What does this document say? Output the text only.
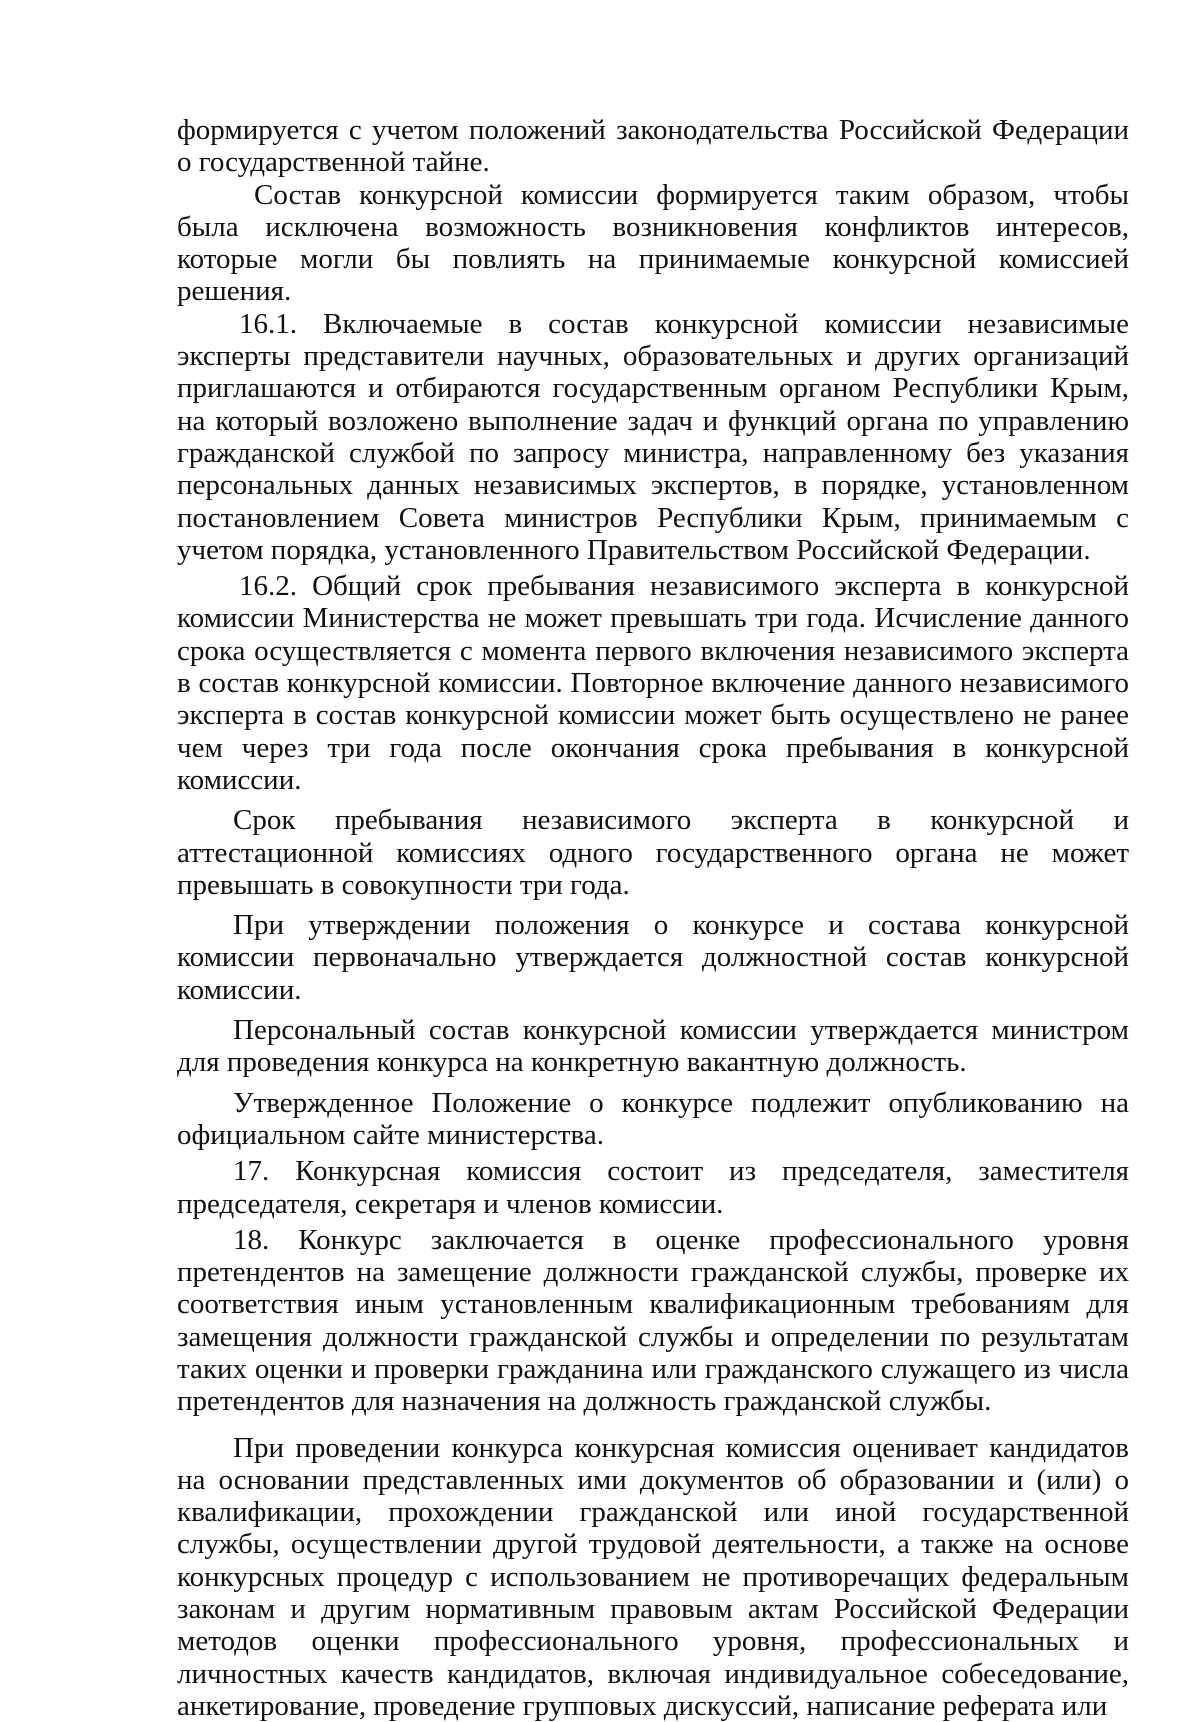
формируется с учетом положений законодательства Российской Федерации о государственной тайне.

Состав конкурсной комиссии формируется таким образом, чтобы была исключена возможность возникновения конфликтов интересов, которые могли бы повлиять на принимаемые конкурсной комиссией решения.

16.1. Включаемые в состав конкурсной комиссии независимые эксперты представители научных, образовательных и других организаций приглашаются и отбираются государственным органом Республики Крым, на который возложено выполнение задач и функций органа по управлению гражданской службой по запросу министра, направленному без указания персональных данных независимых экспертов, в порядке, установленном постановлением Совета министров Республики Крым, принимаемым с учетом порядка, установленного Правительством Российской Федерации.

16.2. Общий срок пребывания независимого эксперта в конкурсной комиссии Министерства не может превышать три года. Исчисление данного срока осуществляется с момента первого включения независимого эксперта в состав конкурсной комиссии. Повторное включение данного независимого эксперта в состав конкурсной комиссии может быть осуществлено не ранее чем через три года после окончания срока пребывания в конкурсной комиссии.

Срок пребывания независимого эксперта в конкурсной и аттестационной комиссиях одного государственного органа не может превышать в совокупности три года.

При утверждении положения о конкурсе и состава конкурсной комиссии первоначально утверждается должностной состав конкурсной комиссии.

Персональный состав конкурсной комиссии утверждается министром для проведения конкурса на конкретную вакантную должность.

Утвержденное Положение о конкурсе подлежит опубликованию на официальном сайте министерства.

17. Конкурсная комиссия состоит из председателя, заместителя председателя, секретаря и членов комиссии.

18. Конкурс заключается в оценке профессионального уровня претендентов на замещение должности гражданской службы, проверке их соответствия иным установленным квалификационным требованиям для замещения должности гражданской службы и определении по результатам таких оценки и проверки гражданина или гражданского служащего из числа претендентов для назначения на должность гражданской службы.

При проведении конкурса конкурсная комиссия оценивает кандидатов на основании представленных ими документов об образовании и (или) о квалификации, прохождении гражданской или иной государственной службы, осуществлении другой трудовой деятельности, а также на основе конкурсных процедур с использованием не противоречащих федеральным законам и другим нормативным правовым актам Российской Федерации методов оценки профессионального уровня, профессиональных и личностных качеств кандидатов, включая индивидуальное собеседование, анкетирование, проведение групповых дискуссий, написание реферата или
